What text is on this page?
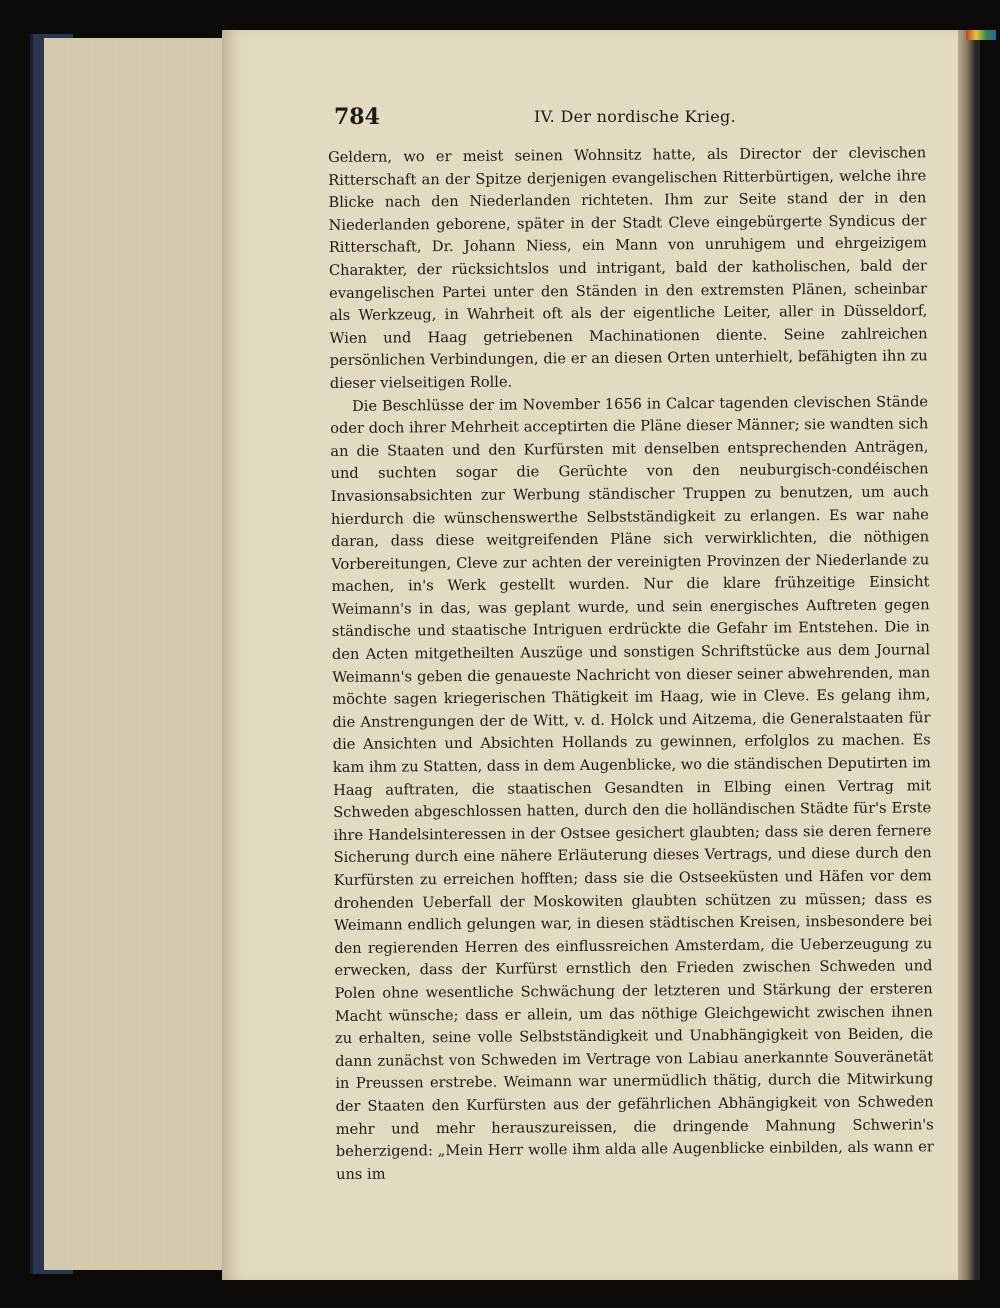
784	IV. Der nordische Krieg.

Geldern, wo er meist seinen Wohnsitz hatte, als Director der clevischen Ritterschaft an der Spitze derjenigen evangelischen Ritterbürtigen, welche ihre Blicke nach den Niederlanden richteten. Ihm zur Seite stand der in den Niederlanden geborene, später in der Stadt Cleve eingebürgerte Syndicus der Ritterschaft, Dr. Johann Niess, ein Mann von unruhigem und ehrgeizigem Charakter, der rücksichtslos und intrigant, bald der katholischen, bald der evangelischen Partei unter den Ständen in den extremsten Plänen, scheinbar als Werkzeug, in Wahrheit oft als der eigentliche Leiter, aller in Düsseldorf, Wien und Haag getriebenen Machinationen diente. Seine zahlreichen persönlichen Verbindungen, die er an diesen Orten unterhielt, befähigten ihn zu dieser vielseitigen Rolle.

Die Beschlüsse der im November 1656 in Calcar tagenden clevischen Stände oder doch ihrer Mehrheit acceptirten die Pläne dieser Männer; sie wandten sich an die Staaten und den Kurfürsten mit denselben entsprechenden Anträgen, und suchten sogar die Gerüchte von den neuburgisch-condéischen Invasionsabsichten zur Werbung ständischer Truppen zu benutzen, um auch hierdurch die wünschenswerthe Selbstständigkeit zu erlangen. Es war nahe daran, dass diese weitgreifenden Pläne sich verwirklichten, die nöthigen Vorbereitungen, Cleve zur achten der vereinigten Provinzen der Niederlande zu machen, in's Werk gestellt wurden. Nur die klare frühzeitige Einsicht Weimann's in das, was geplant wurde, und sein energisches Auftreten gegen ständische und staatische Intriguen erdrückte die Gefahr im Entstehen. Die in den Acten mitgetheilten Auszüge und sonstigen Schriftstücke aus dem Journal Weimann's geben die genaueste Nachricht von dieser seiner abwehrenden, man möchte sagen kriegerischen Thätigkeit im Haag, wie in Cleve. Es gelang ihm, die Anstrengungen der de Witt, v. d. Holck und Aitzema, die Generalstaaten für die Ansichten und Absichten Hollands zu gewinnen, erfolglos zu machen. Es kam ihm zu Statten, dass in dem Augenblicke, wo die ständischen Deputirten im Haag auftraten, die staatischen Gesandten in Elbing einen Vertrag mit Schweden abgeschlossen hatten, durch den die holländischen Städte für's Erste ihre Handelsinteressen in der Ostsee gesichert glaubten; dass sie deren fernere Sicherung durch eine nähere Erläuterung dieses Vertrags, und diese durch den Kurfürsten zu erreichen hofften; dass sie die Ostseeküsten und Häfen vor dem drohenden Ueberfall der Moskowiten glaubten schützen zu müssen; dass es Weimann endlich gelungen war, in diesen städtischen Kreisen, insbesondere bei den regierenden Herren des einflussreichen Amsterdam, die Ueberzeugung zu erwecken, dass der Kurfürst ernstlich den Frieden zwischen Schweden und Polen ohne wesentliche Schwächung der letzteren und Stärkung der ersteren Macht wünsche; dass er allein, um das nöthige Gleichgewicht zwischen ihnen zu erhalten, seine volle Selbstständigkeit und Unabhängigkeit von Beiden, die dann zunächst von Schweden im Vertrage von Labiau anerkannte Souveränetät in Preussen erstrebe. Weimann war unermüdlich thätig, durch die Mitwirkung der Staaten den Kurfürsten aus der gefährlichen Abhängigkeit von Schweden mehr und mehr herauszureissen, die dringende Mahnung Schwerin's beherzigend: „Mein Herr wolle ihm alda alle Augenblicke einbilden, als wann er uns im
